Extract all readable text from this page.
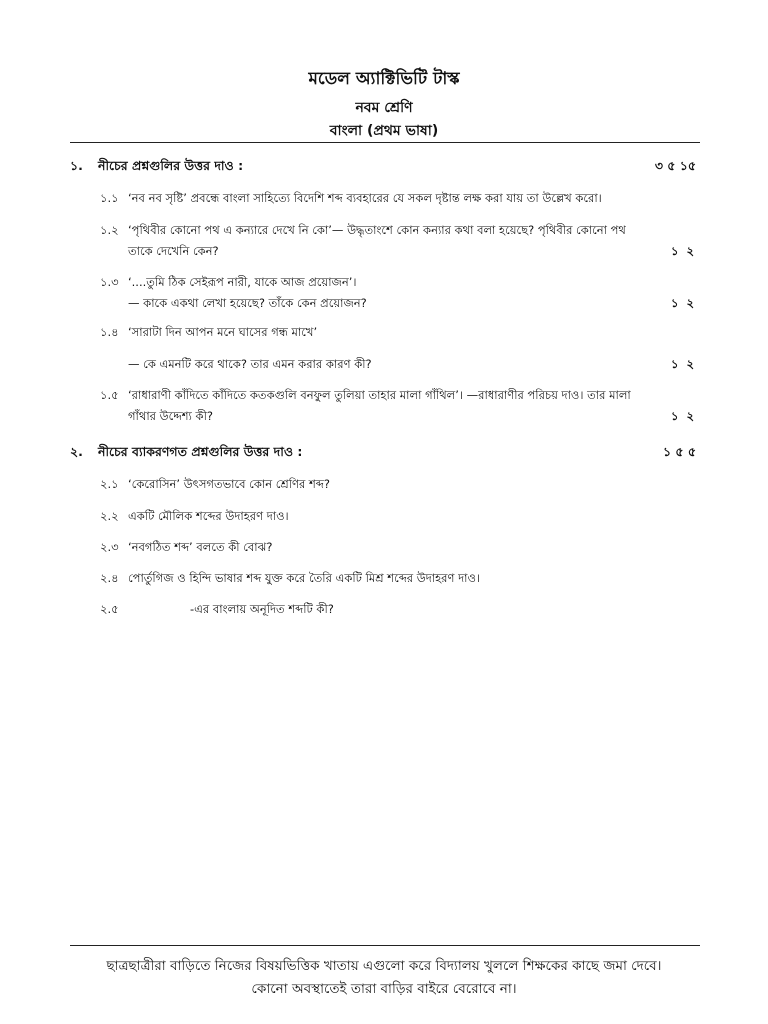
মডেল অ্যাক্টিভিটি টাস্ক
নবম শ্রেণি
বাংলা (প্রথম ভাষা)
১. নীচের প্রশ্নগুলির উত্তর দাও :	৩ ৫ ১৫
১.১ ‘নব নব সৃষ্টি’ প্রবন্ধে বাংলা সাহিত্যে বিদেশি শব্দ ব্যবহারের যে সকল দৃষ্টান্ত লক্ষ করা যায় তা উল্লেখ করো।
১.২ ‘পৃথিবীর কোনো পথ এ কন্যারে দেখে নি কো’— উদ্ধৃতাংশে কোন কন্যার কথা বলা হয়েছে? পৃথিবীর কোনো পথ
তাকে দেখেনি কেন?	১ ২
১.৩ ‘....তুমি ঠিক সেইরূপ নারী, যাকে আজ প্রয়োজন’।
— কাকে একথা লেখা হয়েছে? তাঁকে কেন প্রয়োজন?	১ ২
১.৪ ‘সারাটা দিন আপন মনে ঘাসের গন্ধ মাখে’
— কে এমনটি করে থাকে? তার এমন করার কারণ কী?	১ ২
১.৫ ‘রাধারাণী কাঁদিতে কাঁদিতে কতকগুলি বনফুল তুলিয়া তাহার মালা গাঁথিল’। —রাধারাণীর পরিচয় দাও। তার মালা
গাঁথার উদ্দেশ্য কী?	১ ২
২. নীচের ব্যাকরণগত প্রশ্নগুলির উত্তর দাও :	১ ৫ ৫
২.১ ‘কেরোসিন’ উৎসগতভাবে কোন শ্রেণির শব্দ?
২.২ একটি মৌলিক শব্দের উদাহরণ দাও।
২.৩ ‘নবগঠিত শব্দ’ বলতে কী বোঝ?
২.৪ পোর্তুগিজ ও হিন্দি ভাষার শব্দ যুক্ত করে তৈরি একটি মিশ্র শব্দের উদাহরণ দাও।
২.৫	-এর বাংলায় অনূদিত শব্দটি কী?
ছাত্রছাত্রীরা বাড়িতে নিজের বিষয়ভিত্তিক খাতায় এগুলো করে বিদ্যালয় খুললে শিক্ষকের কাছে জমা দেবে।
কোনো অবস্থাতেই তারা বাড়ির বাইরে বেরোবে না।
